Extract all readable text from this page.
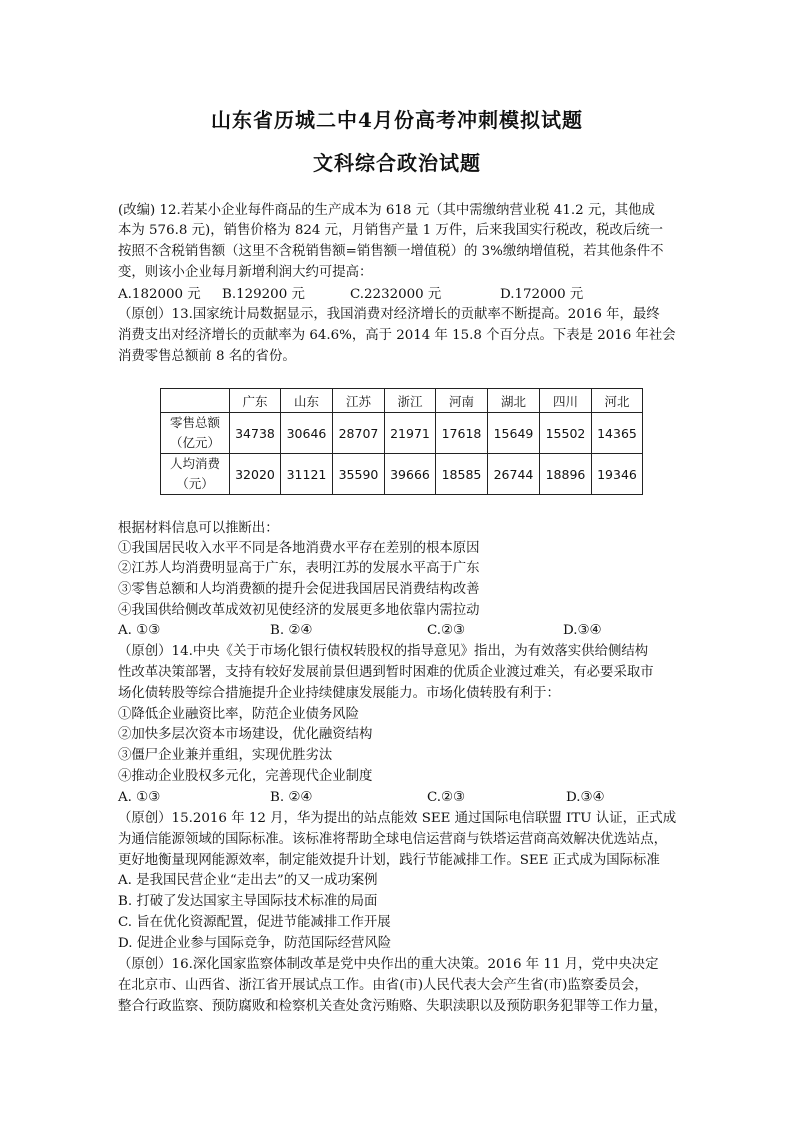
山东省历城二中4月份高考冲刺模拟试题
文科综合政治试题
(改编) 12.若某小企业每件商品的生产成本为 618 元（其中需缴纳营业税 41.2 元，其他成
本为 576.8 元)，销售价格为 824 元，月销售产量 1 万件，后来我国实行税改，税改后统一
按照不含税销售额（这里不含税销售额=销售额一增值税）的 3%缴纳增值税，若其他条件不
变，则该小企业每月新增利润大约可提高：
A.182000 元 B.129200 元	C.2232000 元	D.172000 元
（原创）13.国家统计局数据显示，我国消费对经济增长的贡献率不断提高。2016 年，最终
消费支出对经济增长的贡献率为 64.6%，高于 2014 年 15.8 个百分点。下表是 2016 年社会
消费零售总额前 8 名的省份。
	广东	山东	江苏	浙江	河南	湖北	四川	河北

零售总额
（亿元）	34738	30646	28707	21971	17618	15649	15502	14365

人均消费
（元）	32020	31121	35590	39666	18585	26744	18896	19346
根据材料信息可以推断出：
①我国居民收入水平不同是各地消费水平存在差别的根本原因
②江苏人均消费明显高于广东，表明江苏的发展水平高于广东
③零售总额和人均消费额的提升会促进我国居民消费结构改善
④我国供给侧改革成效初见使经济的发展更多地依靠内需拉动
A. ①③	B. ②④	C.②③	D.③④
（原创）14.中央《关于市场化银行债权转股权的指导意见》指出，为有效落实供给侧结构
性改革决策部署，支持有较好发展前景但遇到暂时困难的优质企业渡过难关，有必要采取市
场化债转股等综合措施提升企业持续健康发展能力。市场化债转股有利于：
①降低企业融资比率，防范企业债务风险
②加快多层次资本市场建设，优化融资结构
③僵尸企业兼并重组，实现优胜劣汰
④推动企业股权多元化，完善现代企业制度
A. ①③	B. ②④	C.②③	D.③④
（原创）15.2016 年 12 月，华为提出的站点能效 SEE 通过国际电信联盟 ITU 认证，正式成
为通信能源领域的国际标准。该标准将帮助全球电信运营商与铁塔运营商高效解决优选站点，
更好地衡量现网能源效率，制定能效提升计划，践行节能减排工作。SEE 正式成为国际标准
A. 是我国民营企业“走出去”的又一成功案例
B. 打破了发达国家主导国际技术标准的局面
C. 旨在优化资源配置，促进节能减排工作开展
D. 促进企业参与国际竞争，防范国际经营风险
（原创）16.深化国家监察体制改革是党中央作出的重大决策。2016 年 11 月，党中央决定
在北京市、山西省、浙江省开展试点工作。由省(市)人民代表大会产生省(市)监察委员会，
整合行政监察、预防腐败和检察机关查处贪污贿赂、失职渎职以及预防职务犯罪等工作力量，
